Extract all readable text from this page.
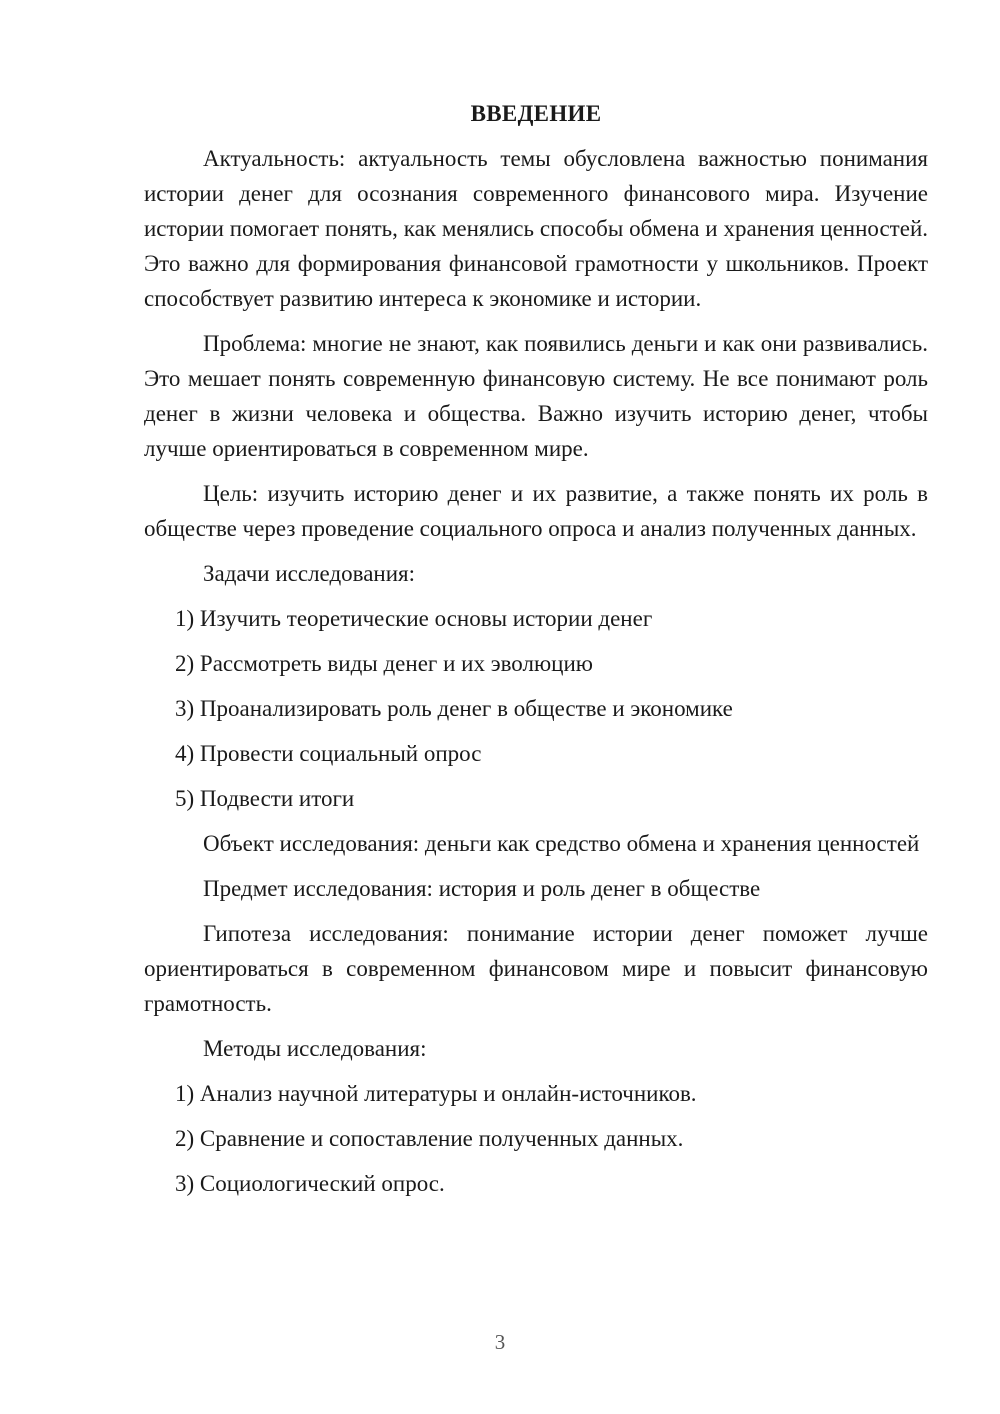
ВВЕДЕНИЕ

Актуальность: актуальность темы обусловлена важностью понимания истории денег для осознания современного финансового мира. Изучение истории помогает понять, как менялись способы обмена и хранения ценностей. Это важно для формирования финансовой грамотности у школьников. Проект способствует развитию интереса к экономике и истории.

Проблема: многие не знают, как появились деньги и как они развивались. Это мешает понять современную финансовую систему. Не все понимают роль денег в жизни человека и общества. Важно изучить историю денег, чтобы лучше ориентироваться в современном мире.

Цель: изучить историю денег и их развитие, а также понять их роль в обществе через проведение социального опроса и анализ полученных данных.

Задачи исследования:

1) Изучить теоретические основы истории денег
2) Рассмотреть виды денег и их эволюцию
3) Проанализировать роль денег в обществе и экономике
4) Провести социальный опрос
5) Подвести итоги

Объект исследования: деньги как средство обмена и хранения ценностей

Предмет исследования: история и роль денег в обществе

Гипотеза исследования: понимание истории денег поможет лучше ориентироваться в современном финансовом мире и повысит финансовую грамотность.

Методы исследования:

1) Анализ научной литературы и онлайн-источников.
2) Сравнение и сопоставление полученных данных.
3) Социологический опрос.
3
